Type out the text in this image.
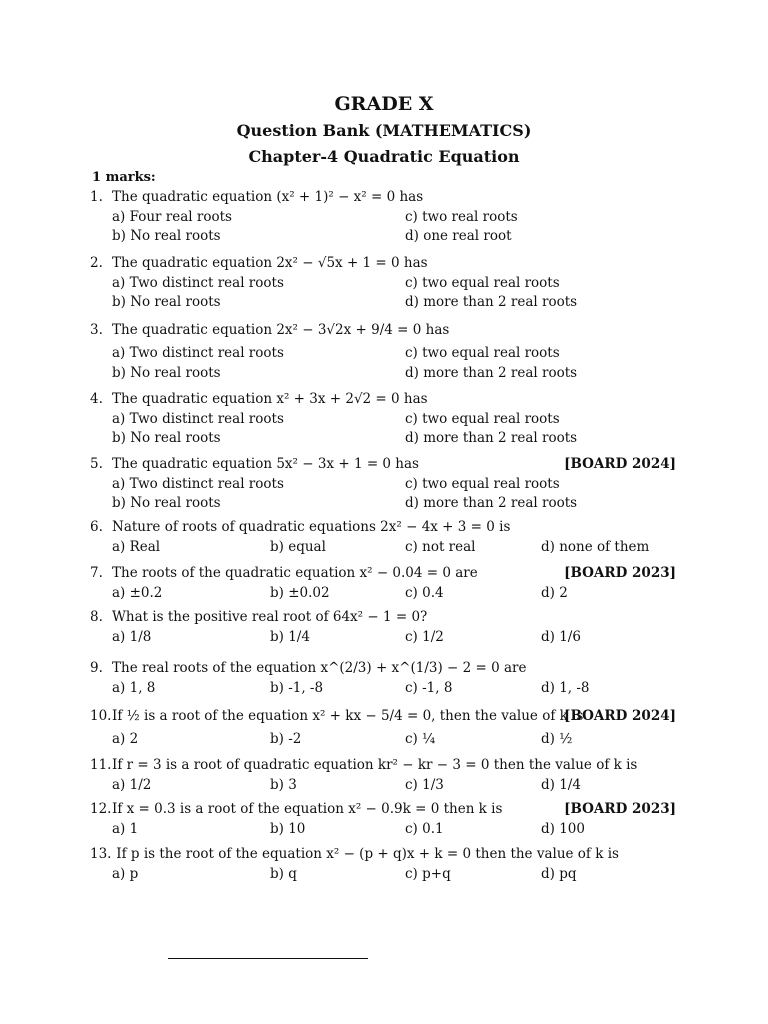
GRADE X
Question Bank (MATHEMATICS)
Chapter-4 Quadratic Equation
1 marks:
1. The quadratic equation (x² + 1)² − x² = 0 has
a) Four real roots	c) two real roots
b) No real roots	d) one real root
2. The quadratic equation 2x² − √5x + 1 = 0 has
a) Two distinct real roots	c) two equal real roots
b) No real roots	d) more than 2 real roots
3. The quadratic equation 2x² − 3√2x + 9/4 = 0 has
a) Two distinct real roots	c) two equal real roots
b) No real roots	d) more than 2 real roots
4. The quadratic equation x² + 3x + 2√2 = 0 has
a) Two distinct real roots	c) two equal real roots
b) No real roots	d) more than 2 real roots
5. The quadratic equation 5x² − 3x + 1 = 0 has	[BOARD 2024]
a) Two distinct real roots	c) two equal real roots
b) No real roots	d) more than 2 real roots
6. Nature of roots of quadratic equations 2x² − 4x + 3 = 0 is
a) Real	b) equal	c) not real	d) none of them
7. The roots of the quadratic equation x² − 0.04 = 0 are	[BOARD 2023]
a) ±0.2	b) ±0.02	c) 0.4	d) 2
8. What is the positive real root of 64x² − 1 = 0?
a) 1/8	b) 1/4	c) 1/2	d) 1/6
9. The real roots of the equation x^(2/3) + x^(1/3) − 2 = 0 are
a) 1, 8	b) -1, -8	c) -1, 8	d) 1, -8
10.If ½ is a root of the equation x² + kx − 5/4 = 0, then the value of k is
[BOARD 2024]
a) 2	b) -2	c) ¼	d) ½
11.If r = 3 is a root of quadratic equation kr² − kr − 3 = 0 then the value of k is
a) 1/2	b) 3	c) 1/3	d) 1/4
12.If x = 0.3 is a root of the equation x² − 0.9k = 0 then k is	[BOARD 2023]
a) 1	b) 10	c) 0.1	d) 100
13. If p is the root of the equation x² − (p + q)x + k = 0 then the value of k is
a) p	b) q	c) p+q	d) pq
